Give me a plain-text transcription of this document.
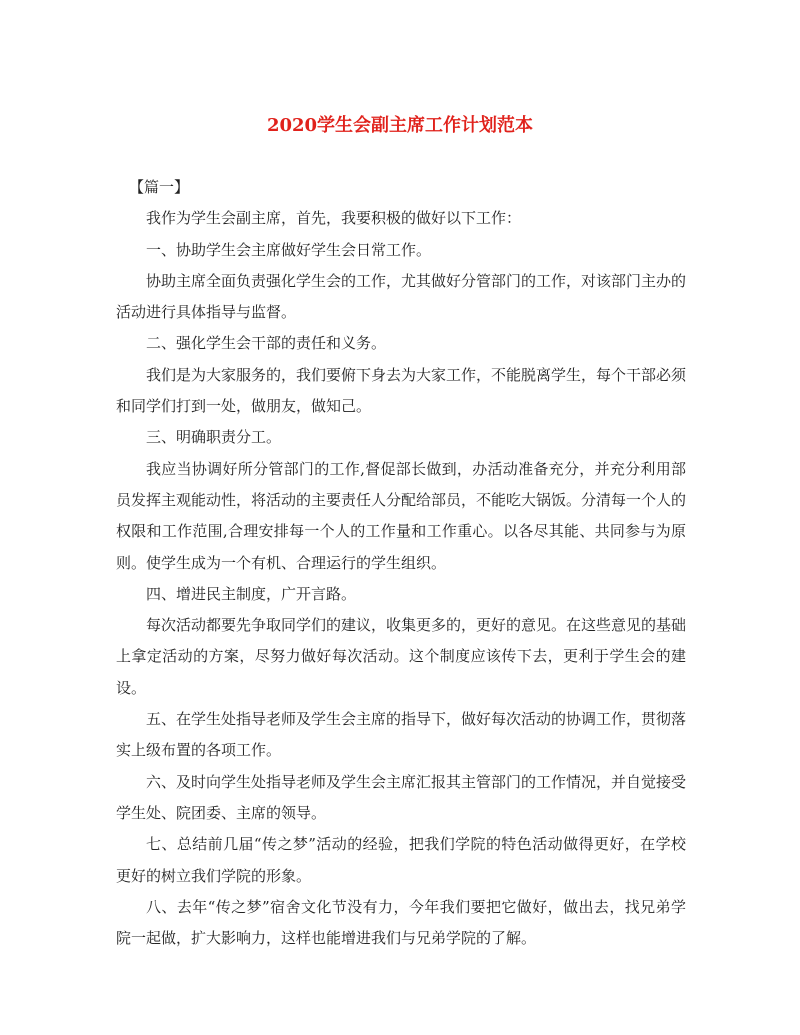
2020学生会副主席工作计划范本

【篇一】

我作为学生会副主席，首先，我要积极的做好以下工作：

一、协助学生会主席做好学生会日常工作。

协助主席全面负责强化学生会的工作，尤其做好分管部门的工作，对该部门主办的活动进行具体指导与监督。

二、强化学生会干部的责任和义务。

我们是为大家服务的，我们要俯下身去为大家工作，不能脱离学生，每个干部必须和同学们打到一处，做朋友，做知己。

三、明确职责分工。

我应当协调好所分管部门的工作,督促部长做到，办活动准备充分，并充分利用部员发挥主观能动性，将活动的主要责任人分配给部员，不能吃大锅饭。分清每一个人的权限和工作范围,合理安排每一个人的工作量和工作重心。以各尽其能、共同参与为原则。使学生成为一个有机、合理运行的学生组织。

四、增进民主制度，广开言路。

每次活动都要先争取同学们的建议，收集更多的，更好的意见。在这些意见的基础上拿定活动的方案，尽努力做好每次活动。这个制度应该传下去，更利于学生会的建设。

五、在学生处指导老师及学生会主席的指导下，做好每次活动的协调工作，贯彻落实上级布置的各项工作。

六、及时向学生处指导老师及学生会主席汇报其主管部门的工作情况，并自觉接受学生处、院团委、主席的领导。

七、总结前几届“传之梦”活动的经验，把我们学院的特色活动做得更好，在学校更好的树立我们学院的形象。

八、去年“传之梦”宿舍文化节没有力，今年我们要把它做好，做出去，找兄弟学院一起做，扩大影响力，这样也能增进我们与兄弟学院的了解。
